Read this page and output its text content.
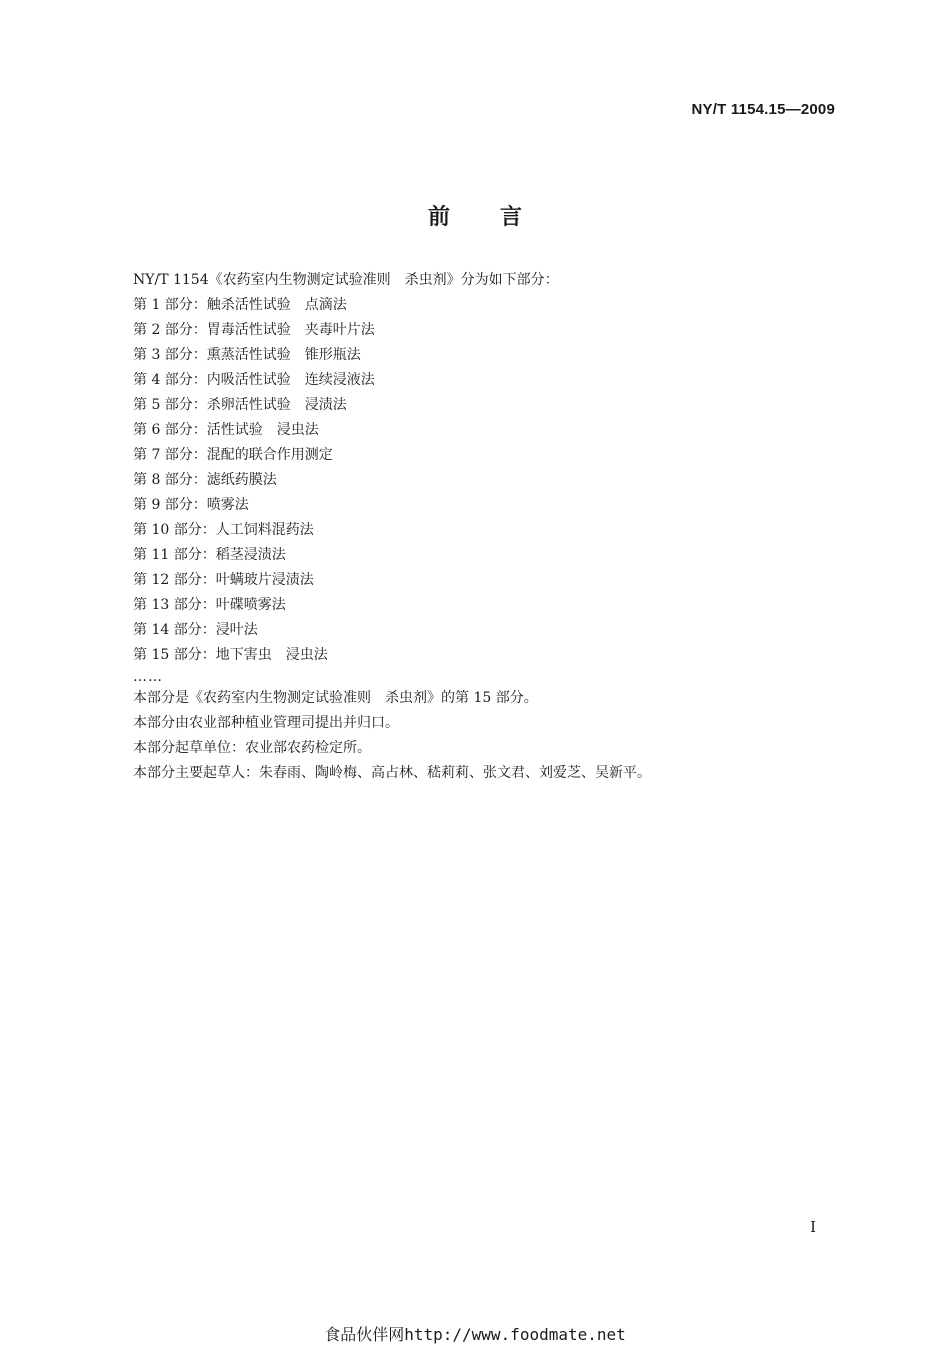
NY/T 1154.15—2009
前言
NY/T 1154《农药室内生物测定试验准则　杀虫剂》分为如下部分：
第 1 部分：触杀活性试验　点滴法
第 2 部分：胃毒活性试验　夹毒叶片法
第 3 部分：熏蒸活性试验　锥形瓶法
第 4 部分：内吸活性试验　连续浸液法
第 5 部分：杀卵活性试验　浸渍法
第 6 部分：活性试验　浸虫法
第 7 部分：混配的联合作用测定
第 8 部分：滤纸药膜法
第 9 部分：喷雾法
第 10 部分：人工饲料混药法
第 11 部分：稻茎浸渍法
第 12 部分：叶螨玻片浸渍法
第 13 部分：叶碟喷雾法
第 14 部分：浸叶法
第 15 部分：地下害虫　浸虫法
……
本部分是《农药室内生物测定试验准则　杀虫剂》的第 15 部分。
本部分由农业部种植业管理司提出并归口。
本部分起草单位：农业部农药检定所。
本部分主要起草人：朱春雨、陶岭梅、高占林、嵇莉莉、张文君、刘爱芝、吴新平。
I
食品伙伴网http://www.foodmate.net
